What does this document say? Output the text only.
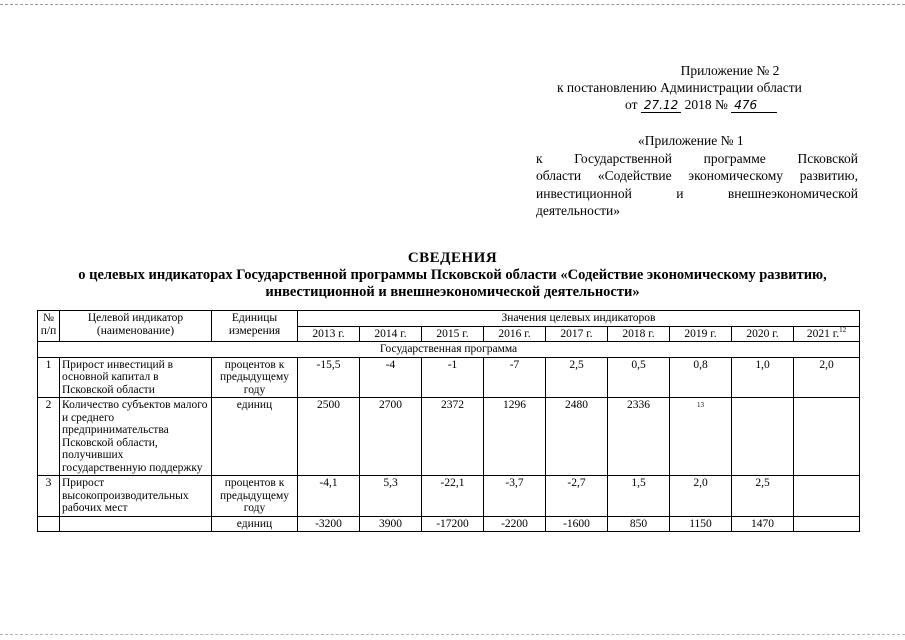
Приложение № 2
к постановлению Администрации области
от 27.12 2018 № 476
«Приложение № 1
к Государственной программе Псковской
области «Содействие экономическому развитию,
инвестиционной и внешнеэкономической
деятельности»
СВЕДЕНИЯ
о целевых индикаторах Государственной программы Псковской области «Содействие экономическому развитию,
инвестиционной и внешнеэкономической деятельности»
№ п/п	Целевой индикатор (наименование)	Единицы измерения	Значения целевых индикаторов								
			2013 г.	2014 г.	2015 г.	2016 г.	2017 г.	2018 г.	2019 г.	2020 г.	2021 г.$^{12}$
Государственная программа											
1	Прирост инвестиций в основной капитал в Псковской области	процентов к предыдущему году	-15,5	-4	-1	-7	2,5	0,5	0,8	1,0	2,0
2	Количество субъектов малого и среднего предпринимательства Псковской области, получивших государственную поддержку	единиц	2500	2700	2372	1296	2480	2336	13		
3	Прирост высокопроизводительных рабочих мест	процентов к предыдущему году	-4,1	5,3	-22,1	-3,7	-2,7	1,5	2,0	2,5	
		единиц	-3200	3900	-17200	-2200	-1600	850	1150	1470	
